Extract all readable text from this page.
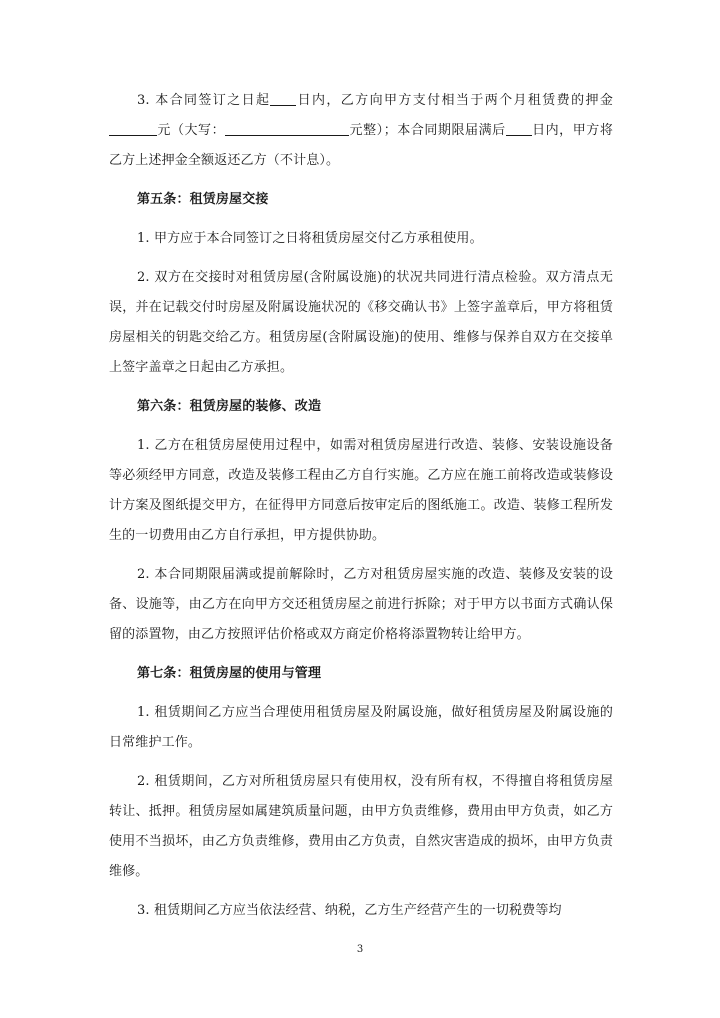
3. 本合同签订之日起 日内，乙方向甲方支付相当于两个月租赁费的押金元（大写：	元整）；本合同期限届满后 日内，甲方将乙方上述押金全额返还乙方（不计息）。

第五条：租赁房屋交接

1. 甲方应于本合同签订之日将租赁房屋交付乙方承租使用。

2. 双方在交接时对租赁房屋(含附属设施)的状况共同进行清点检验。双方清点无误，并在记载交付时房屋及附属设施状况的《移交确认书》上签字盖章后，甲方将租赁房屋相关的钥匙交给乙方。租赁房屋(含附属设施)的使用、维修与保养自双方在交接单上签字盖章之日起由乙方承担。

第六条：租赁房屋的装修、改造

1. 乙方在租赁房屋使用过程中，如需对租赁房屋进行改造、装修、安装设施设备等必须经甲方同意，改造及装修工程由乙方自行实施。乙方应在施工前将改造或装修设计方案及图纸提交甲方，在征得甲方同意后按审定后的图纸施工。改造、装修工程所发生的一切费用由乙方自行承担，甲方提供协助。

2. 本合同期限届满或提前解除时，乙方对租赁房屋实施的改造、装修及安装的设备、设施等，由乙方在向甲方交还租赁房屋之前进行拆除；对于甲方以书面方式确认保留的添置物，由乙方按照评估价格或双方商定价格将添置物转让给甲方。

第七条：租赁房屋的使用与管理

1. 租赁期间乙方应当合理使用租赁房屋及附属设施，做好租赁房屋及附属设施的日常维护工作。

2. 租赁期间，乙方对所租赁房屋只有使用权，没有所有权，不得擅自将租赁房屋转让、抵押。租赁房屋如属建筑质量问题，由甲方负责维修，费用由甲方负责，如乙方使用不当损坏，由乙方负责维修，费用由乙方负责，自然灾害造成的损坏，由甲方负责维修。

3. 租赁期间乙方应当依法经营、纳税，乙方生产经营产生的一切税费等均

3
